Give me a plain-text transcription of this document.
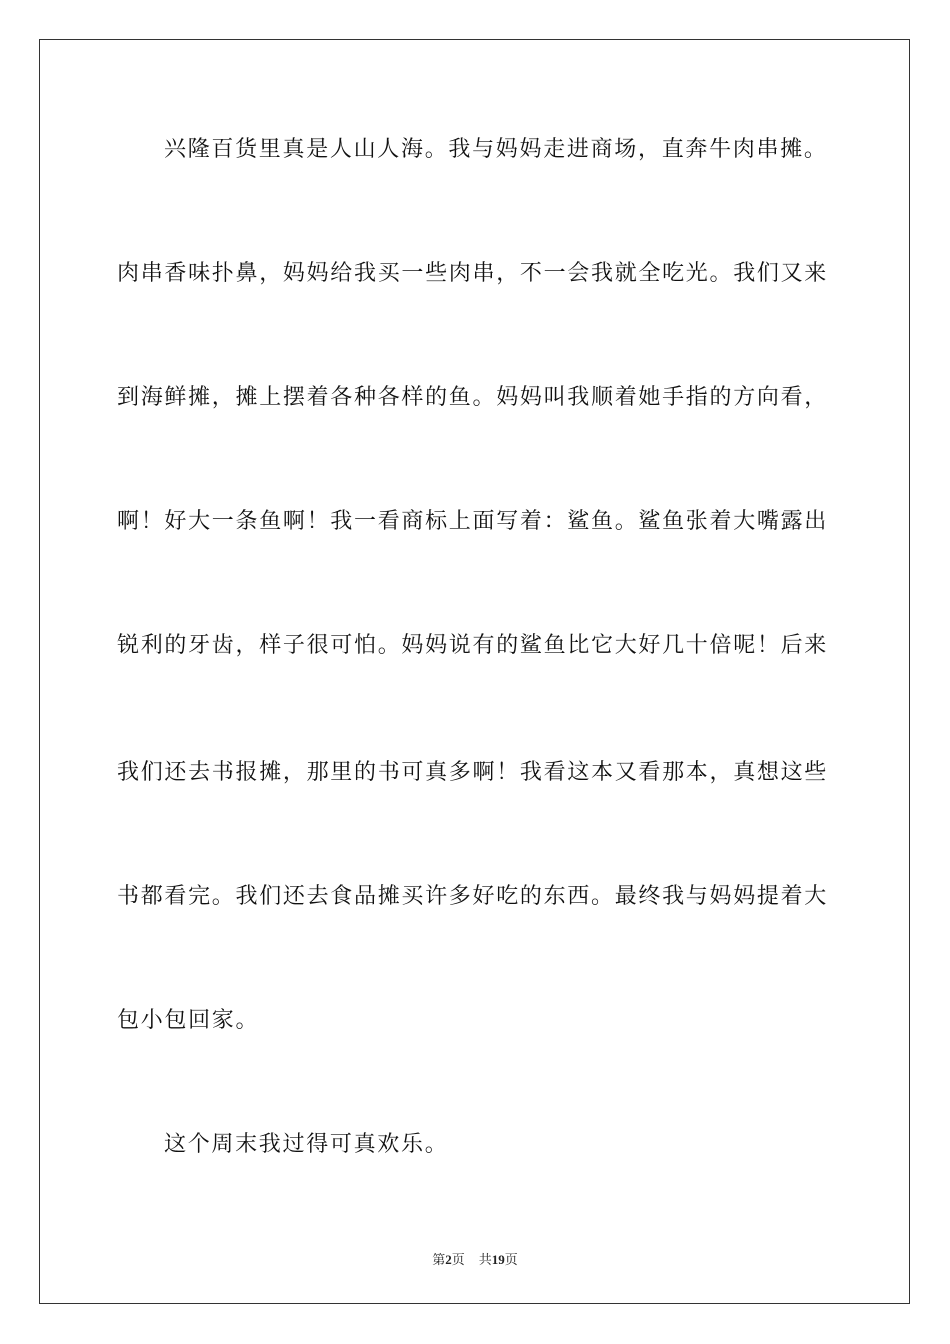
兴隆百货里真是人山人海。我与妈妈走进商场，直奔牛肉串摊。
肉串香味扑鼻，妈妈给我买一些肉串，不一会我就全吃光。我们又来
到海鲜摊，摊上摆着各种各样的鱼。妈妈叫我顺着她手指的方向看，
啊！好大一条鱼啊！我一看商标上面写着：鲨鱼。鲨鱼张着大嘴露出
锐利的牙齿，样子很可怕。妈妈说有的鲨鱼比它大好几十倍呢！后来
我们还去书报摊，那里的书可真多啊！我看这本又看那本，真想这些
书都看完。我们还去食品摊买许多好吃的东西。最终我与妈妈提着大
包小包回家。
这个周末我过得可真欢乐。
第2页 共19页
